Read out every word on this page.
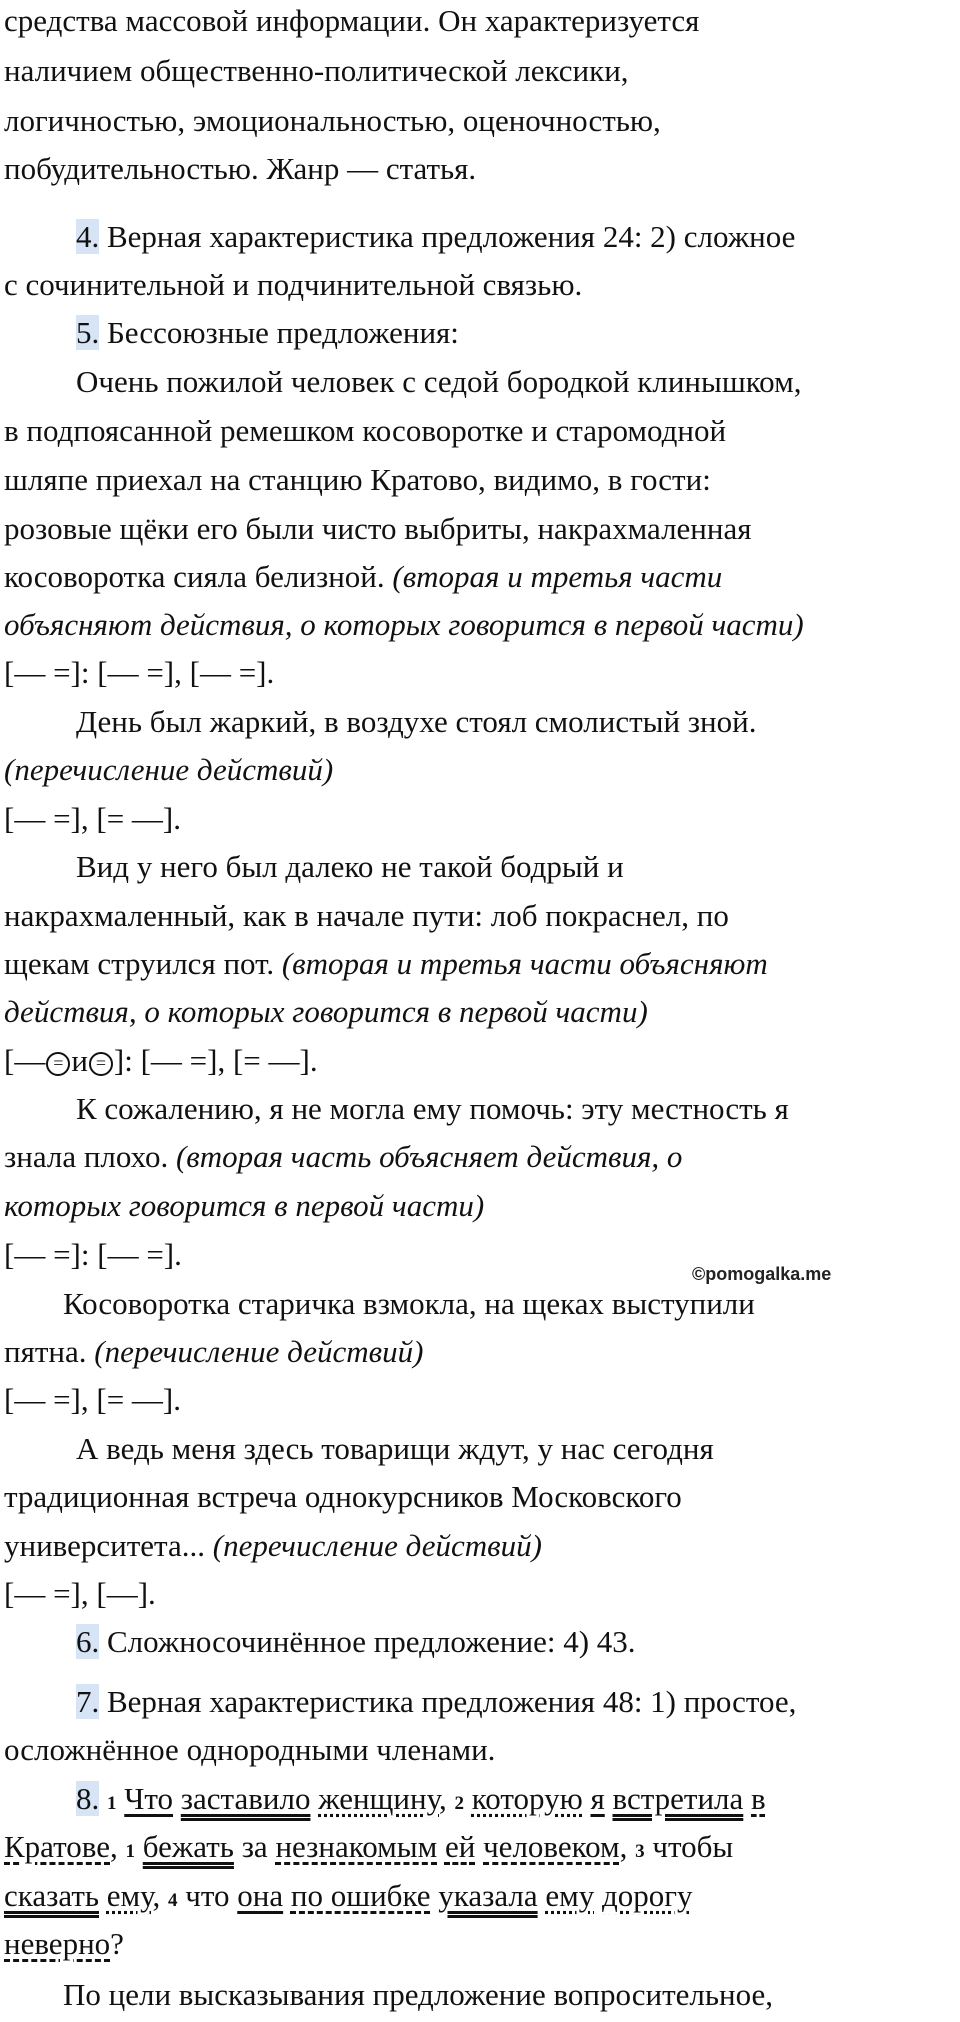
средства массовой информации. Он характеризуется
наличием общественно-политической лексики,
логичностью, эмоциональностью, оценочностью,
побудительностью. Жанр — статья.
4. Верная характеристика предложения 24: 2) сложное
с сочинительной и подчинительной связью.
5. Бессоюзные предложения:
Очень пожилой человек с седой бородкой клинышком,
в подпоясанной ремешком косоворотке и старомодной
шляпе приехал на станцию Кратово, видимо, в гости:
розовые щёки его были чисто выбриты, накрахмаленная
косоворотка сияла белизной. (вторая и третья части
объясняют действия, о которых говорится в первой части)
[— =]: [— =], [— =].
День был жаркий, в воздухе стоял смолистый зной.
(перечисление действий)
[— =], [= —].
Вид у него был далеко не такой бодрый и
накрахмаленный, как в начале пути: лоб покраснел, по
щекам струился пот. (вторая и третья части объясняют
действия, о которых говорится в первой части)
[— = и = ]: [— =], [= —].
К сожалению, я не могла ему помочь: эту местность я
знала плохо. (вторая часть объясняет действия, о
которых говорится в первой части)
[— =]: [— =].
©pomogalka.me
Косоворотка старичка взмокла, на щеках выступили
пятна. (перечисление действий)
[— =], [= —].
А ведь меня здесь товарищи ждут, у нас сегодня
традиционная встреча однокурсников Московского
университета... (перечисление действий)
[— =], [—].
6. Сложносочинённое предложение: 4) 43.
7. Верная характеристика предложения 48: 1) простое,
осложнённое однородными членами.
8. 1 Что заставило женщину, 2 которую я встретила в
Кратове, 1 бежать за незнакомым ей человеком, 3 чтобы
сказать ему, 4 что она по ошибке указала ему дорогу
неверно?
По цели высказывания предложение вопросительное,
